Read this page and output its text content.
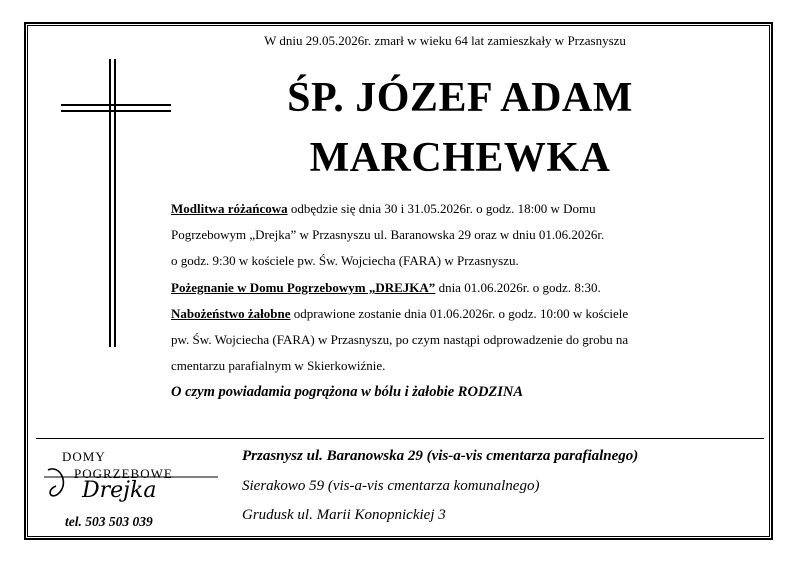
W dniu 29.05.2026r. zmarł w wieku 64 lat zamieszkały w Przasnyszu
ŚP. JÓZEF ADAM
MARCHEWKA
Modlitwa różańcowa odbędzie się dnia 30 i 31.05.2026r. o godz. 18:00 w Domu
Pogrzebowym „Drejka” w Przasnyszu ul. Baranowska 29 oraz w dniu 01.06.2026r.
o godz. 9:30 w kościele pw. Św. Wojciecha (FARA) w Przasnyszu.
Pożegnanie w Domu Pogrzebowym „DREJKA” dnia 01.06.2026r. o godz. 8:30.
Nabożeństwo żałobne odprawione zostanie dnia 01.06.2026r. o godz. 10:00 w kościele
pw. Św. Wojciecha (FARA) w Przasnyszu, po czym nastąpi odprowadzenie do grobu na
cmentarzu parafialnym w Skierkowiźnie.
O czym powiadamia pogrążona w bólu i żałobie RODZINA
DOMY
POGRZEBOWE
Drejka
tel. 503 503 039
Przasnysz ul. Baranowska 29 (vis-a-vis cmentarza parafialnego)
Sierakowo 59 (vis-a-vis cmentarza komunalnego)
Grudusk ul. Marii Konopnickiej 3
